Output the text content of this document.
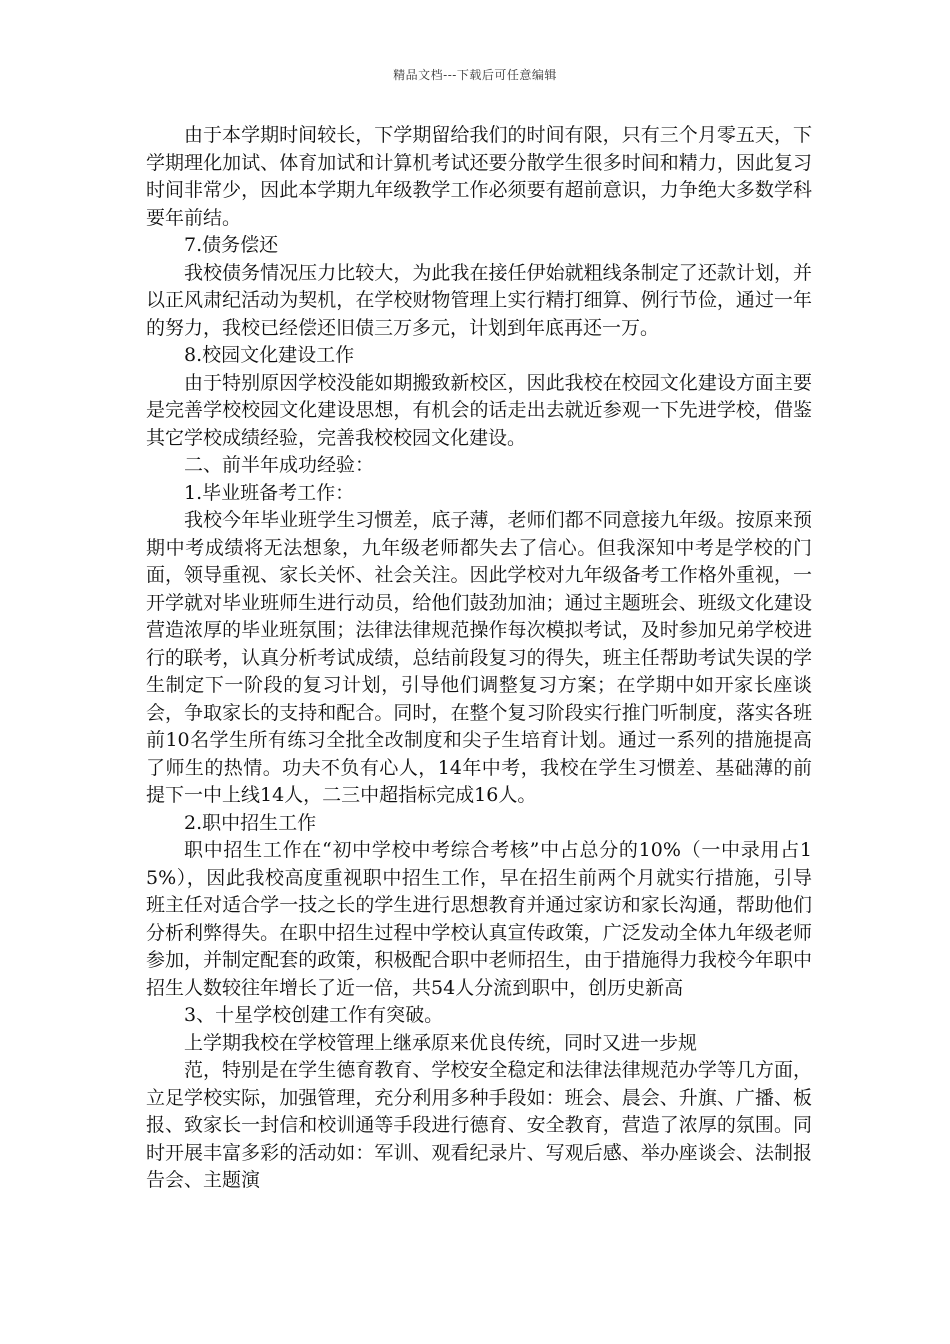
精品文档---下载后可任意编辑

由于本学期时间较长，下学期留给我们的时间有限，只有三个月零五天，下学期理化加试、体育加试和计算机考试还要分散学生很多时间和精力，因此复习时间非常少，因此本学期九年级教学工作必须要有超前意识，力争绝大多数学科要年前结。

7.债务偿还

我校债务情况压力比较大，为此我在接任伊始就粗线条制定了还款计划，并以正风肃纪活动为契机，在学校财物管理上实行精打细算、例行节俭，通过一年的努力，我校已经偿还旧债三万多元，计划到年底再还一万。

8.校园文化建设工作

由于特别原因学校没能如期搬致新校区，因此我校在校园文化建设方面主要是完善学校校园文化建设思想，有机会的话走出去就近参观一下先进学校，借鉴其它学校成绩经验，完善我校校园文化建设。

二、前半年成功经验：

1.毕业班备考工作：

我校今年毕业班学生习惯差，底子薄，老师们都不同意接九年级。按原来预期中考成绩将无法想象，九年级老师都失去了信心。但我深知中考是学校的门面，领导重视、家长关怀、社会关注。因此学校对九年级备考工作格外重视，一开学就对毕业班师生进行动员，给他们鼓劲加油；通过主题班会、班级文化建设营造浓厚的毕业班氛围；法律法律规范操作每次模拟考试，及时参加兄弟学校进行的联考，认真分析考试成绩，总结前段复习的得失，班主任帮助考试失误的学生制定下一阶段的复习计划，引导他们调整复习方案；在学期中如开家长座谈会，争取家长的支持和配合。同时，在整个复习阶段实行推门听制度，落实各班前10名学生所有练习全批全改制度和尖子生培育计划。通过一系列的措施提高了师生的热情。功夫不负有心人，14年中考，我校在学生习惯差、基础薄的前提下一中上线14人，二三中超指标完成16人。

2.职中招生工作

职中招生工作在“初中学校中考综合考核”中占总分的10%（一中录用占15%），因此我校高度重视职中招生工作，早在招生前两个月就实行措施，引导班主任对适合学一技之长的学生进行思想教育并通过家访和家长沟通，帮助他们分析利弊得失。在职中招生过程中学校认真宣传政策，广泛发动全体九年级老师参加，并制定配套的政策，积极配合职中老师招生，由于措施得力我校今年职中招生人数较往年增长了近一倍，共54人分流到职中，创历史新高

3、十星学校创建工作有突破。

上学期我校在学校管理上继承原来优良传统，同时又进一步规

范，特别是在学生德育教育、学校安全稳定和法律法律规范办学等几方面，立足学校实际，加强管理，充分利用多种手段如：班会、晨会、升旗、广播、板报、致家长一封信和校训通等手段进行德育、安全教育，营造了浓厚的氛围。同时开展丰富多彩的活动如：军训、观看纪录片、写观后感、举办座谈会、法制报告会、主题演
